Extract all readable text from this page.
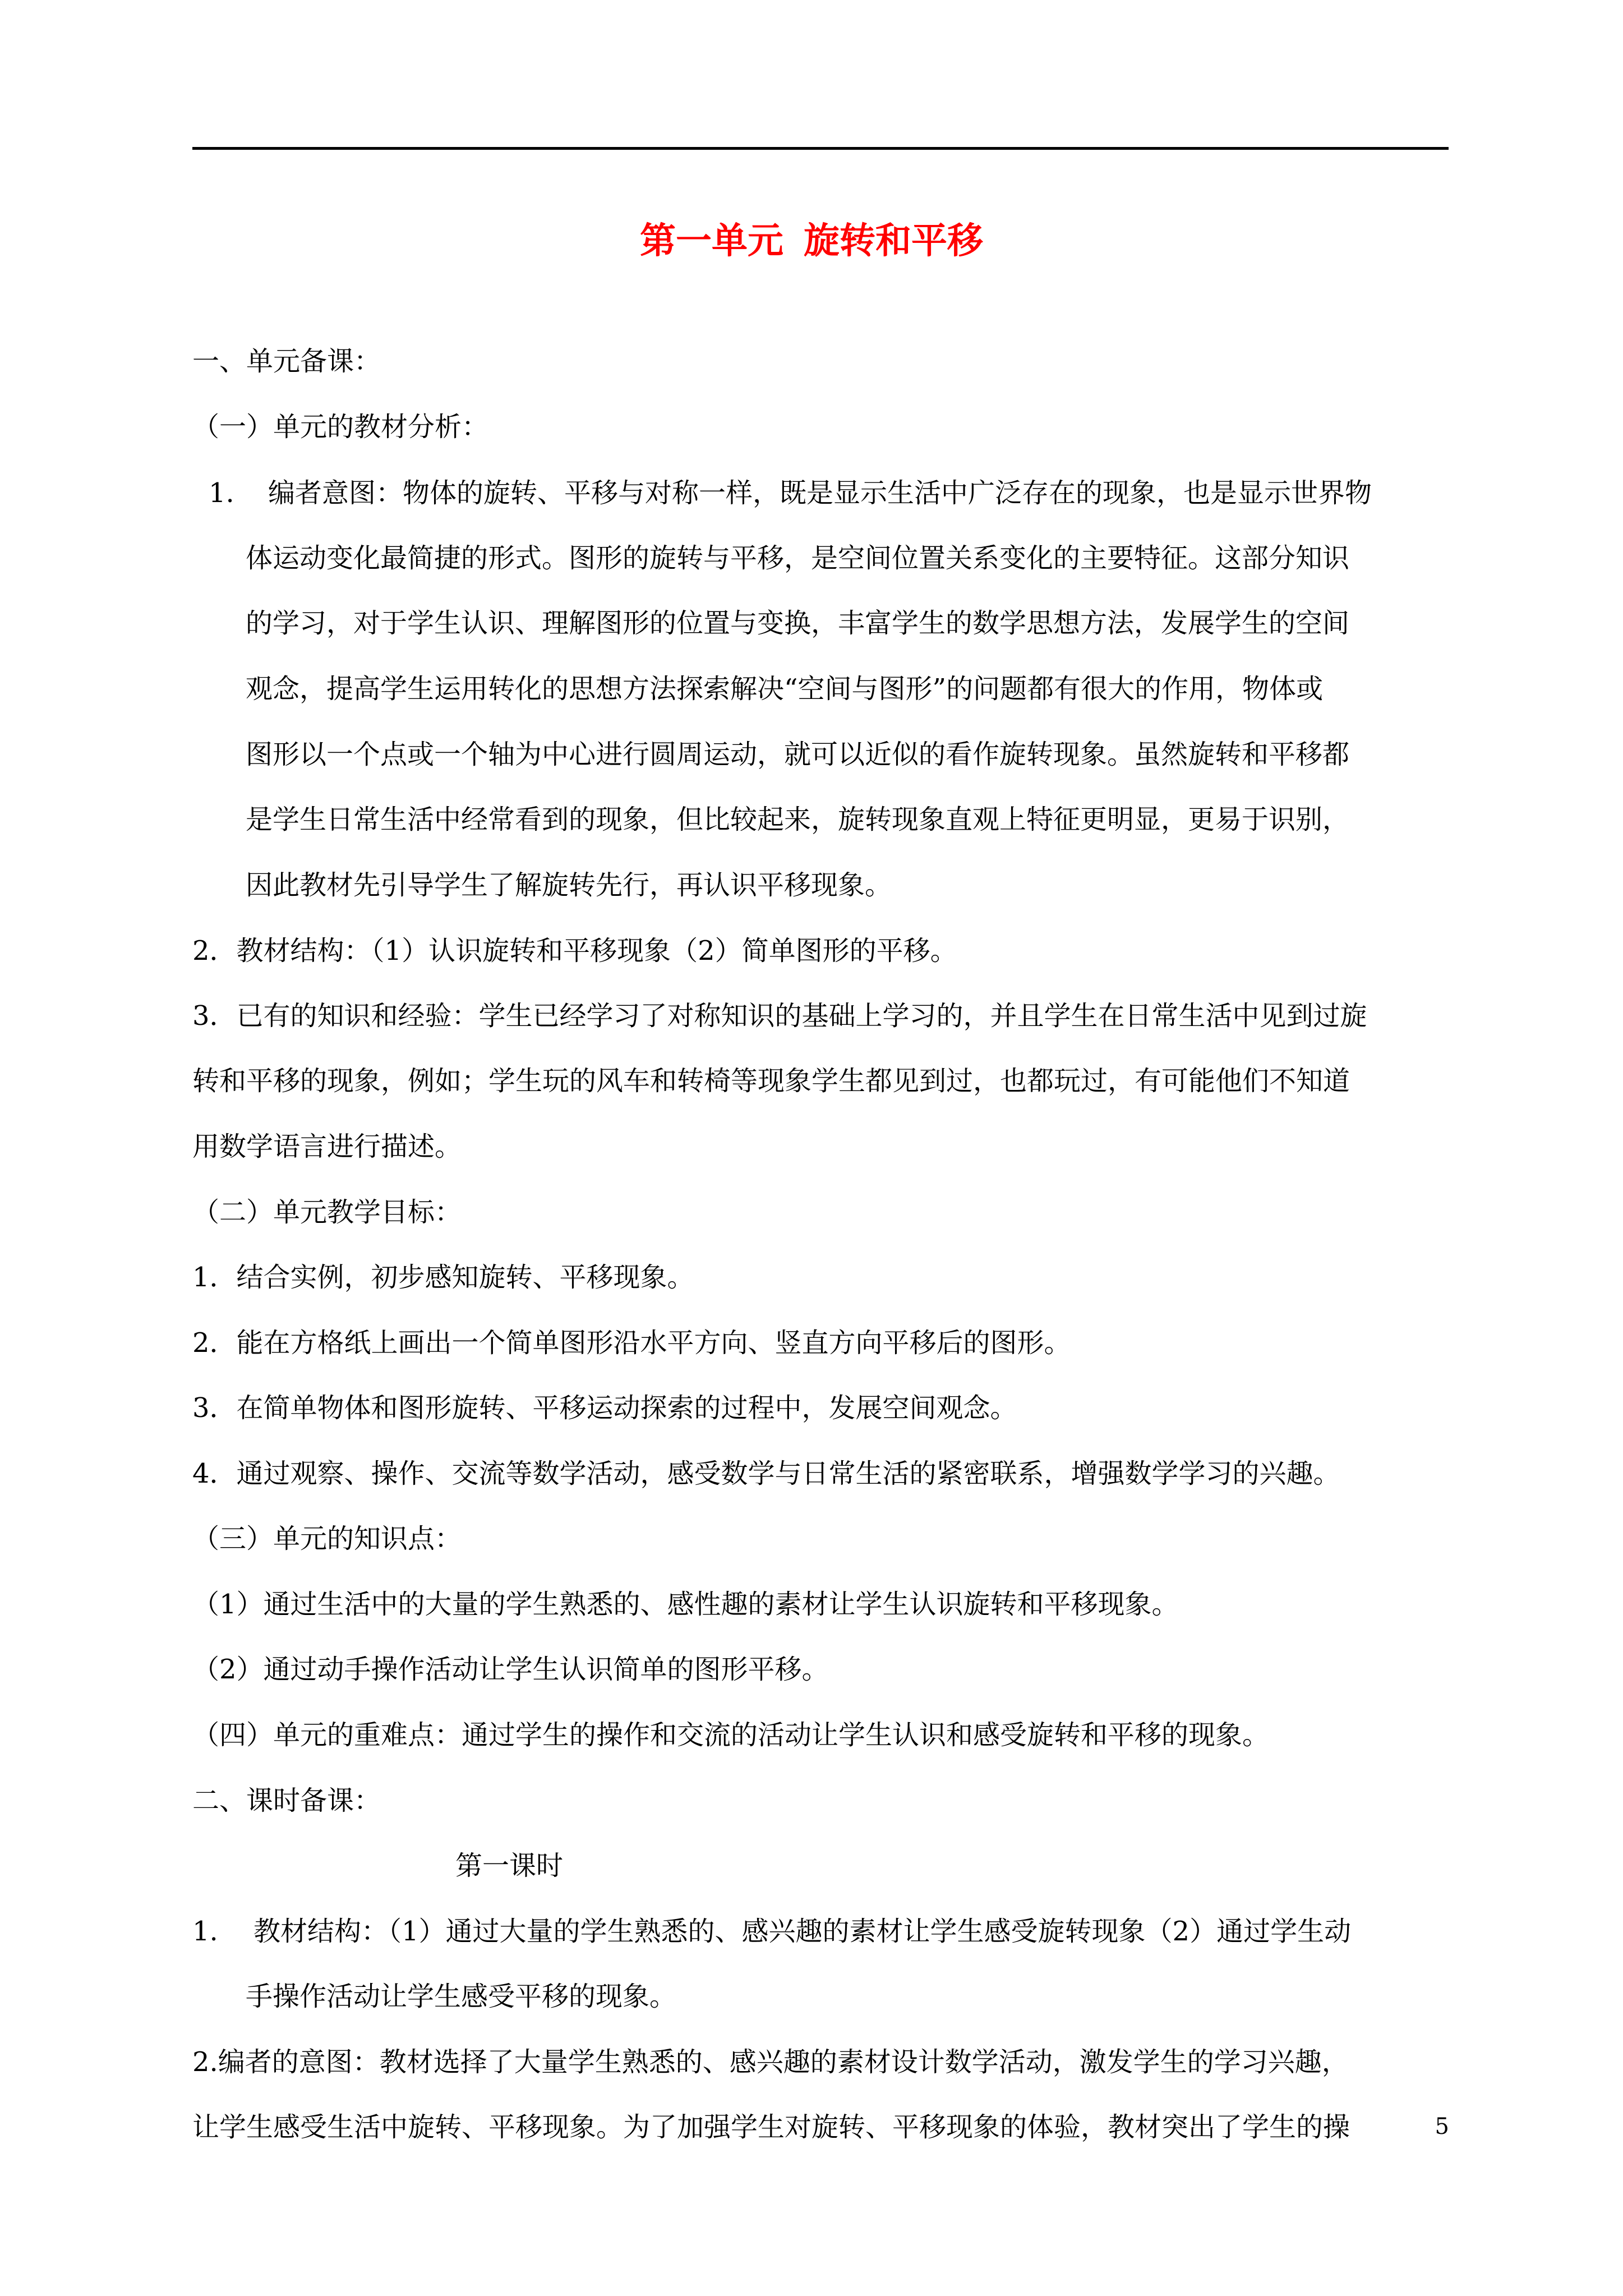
第一单元 旋转和平移
一、单元备课：
（一）单元的教材分析：
1. 编者意图：物体的旋转、平移与对称一样，既是显示生活中广泛存在的现象，也是显示世界物
体运动变化最简捷的形式。图形的旋转与平移，是空间位置关系变化的主要特征。这部分知识
的学习，对于学生认识、理解图形的位置与变换，丰富学生的数学思想方法，发展学生的空间
观念，提高学生运用转化的思想方法探索解决“空间与图形”的问题都有很大的作用，物体或
图形以一个点或一个轴为中心进行圆周运动，就可以近似的看作旋转现象。虽然旋转和平移都
是学生日常生活中经常看到的现象，但比较起来，旋转现象直观上特征更明显，更易于识别，
因此教材先引导学生了解旋转先行，再认识平移现象。
2．教材结构：（1）认识旋转和平移现象（2）简单图形的平移。
3．已有的知识和经验：学生已经学习了对称知识的基础上学习的，并且学生在日常生活中见到过旋
转和平移的现象，例如；学生玩的风车和转椅等现象学生都见到过，也都玩过，有可能他们不知道
用数学语言进行描述。
（二）单元教学目标：
1．结合实例，初步感知旋转、平移现象。
2．能在方格纸上画出一个简单图形沿水平方向、竖直方向平移后的图形。
3．在简单物体和图形旋转、平移运动探索的过程中，发展空间观念。
4．通过观察、操作、交流等数学活动，感受数学与日常生活的紧密联系，增强数学学习的兴趣。
（三）单元的知识点：
（1）通过生活中的大量的学生熟悉的、感性趣的素材让学生认识旋转和平移现象。
（2）通过动手操作活动让学生认识简单的图形平移。
（四）单元的重难点：通过学生的操作和交流的活动让学生认识和感受旋转和平移的现象。
二、课时备课：
第一课时
1. 教材结构：（1）通过大量的学生熟悉的、感兴趣的素材让学生感受旋转现象（2）通过学生动
手操作活动让学生感受平移的现象。
2.编者的意图：教材选择了大量学生熟悉的、感兴趣的素材设计数学活动，激发学生的学习兴趣，
让学生感受生活中旋转、平移现象。为了加强学生对旋转、平移现象的体验，教材突出了学生的操	5
